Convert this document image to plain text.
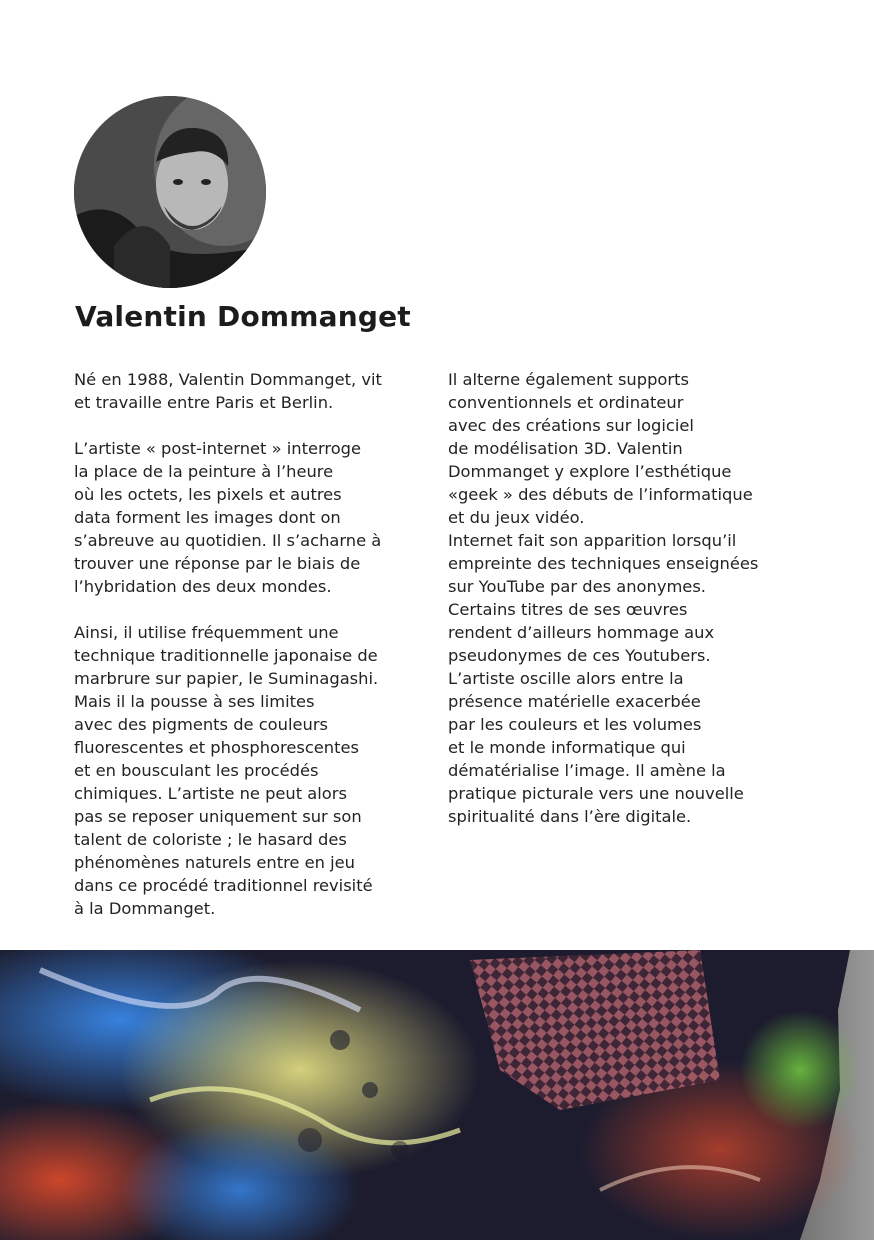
Valentin Dommanget
Né en 1988, Valentin Dommanget, vit
et travaille entre Paris et Berlin.
L’artiste « post-internet » interroge
la place de la peinture à l’heure
où les octets, les pixels et autres
data forment les images dont on
s’abreuve au quotidien. Il s’acharne à
trouver une réponse par le biais de
l’hybridation des deux mondes.
Ainsi, il utilise fréquemment une
technique traditionnelle japonaise de
marbrure sur papier, le Suminagashi.
Mais il la pousse à ses limites
avec des pigments de couleurs
fluorescentes et phosphorescentes
et en bousculant les procédés
chimiques. L’artiste ne peut alors
pas se reposer uniquement sur son
talent de coloriste ; le hasard des
phénomènes naturels entre en jeu
dans ce procédé traditionnel revisité
à la Dommanget.
Il alterne également supports
conventionnels et ordinateur
avec des créations sur logiciel
de modélisation 3D. Valentin
Dommanget y explore l’esthétique
«geek » des débuts de l’informatique
et du jeux vidéo.
Internet fait son apparition lorsqu’il
empreinte des techniques enseignées
sur YouTube par des anonymes.
Certains titres de ses œuvres
rendent d’ailleurs hommage aux
pseudonymes de ces Youtubers.
L’artiste oscille alors entre la
présence matérielle exacerbée
par les couleurs et les volumes
et le monde informatique qui
dématérialise l’image. Il amène la
pratique picturale vers une nouvelle
spiritualité dans l’ère digitale.
